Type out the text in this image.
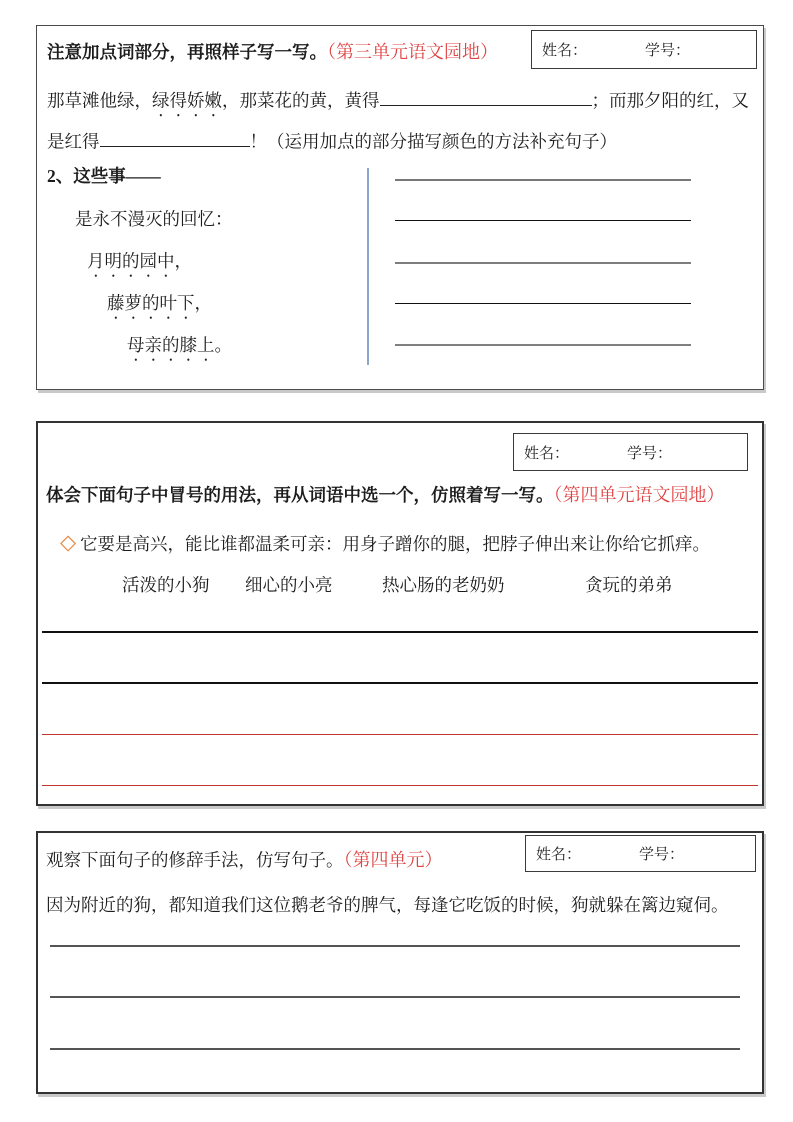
姓名：	学号：
注意加点词部分，再照样子写一写。（第三单元语文园地）
那草滩他绿，绿得娇嫩，那菜花的黄，黄得	；而那夕阳的红，又
是红得	！（运用加点的部分描写颜色的方法补充句子）
2、这些事——
是永不漫灭的回忆：
月明的园中，
藤萝的叶下，
母亲的膝上。
姓名：	学号：
体会下面句子中冒号的用法，再从词语中选一个，仿照着写一写。（第四单元语文园地）
◇ 它要是高兴，能比谁都温柔可亲：用身子蹭你的腿，把脖子伸出来让你给它抓痒。
活泼的小狗 细心的小亮	热心肠的老奶奶	贪玩的弟弟
姓名：	学号：
观察下面句子的修辞手法，仿写句子。（第四单元）
因为附近的狗，都知道我们这位鹅老爷的脾气，每逢它吃饭的时候，狗就躲在篱边窥伺。
